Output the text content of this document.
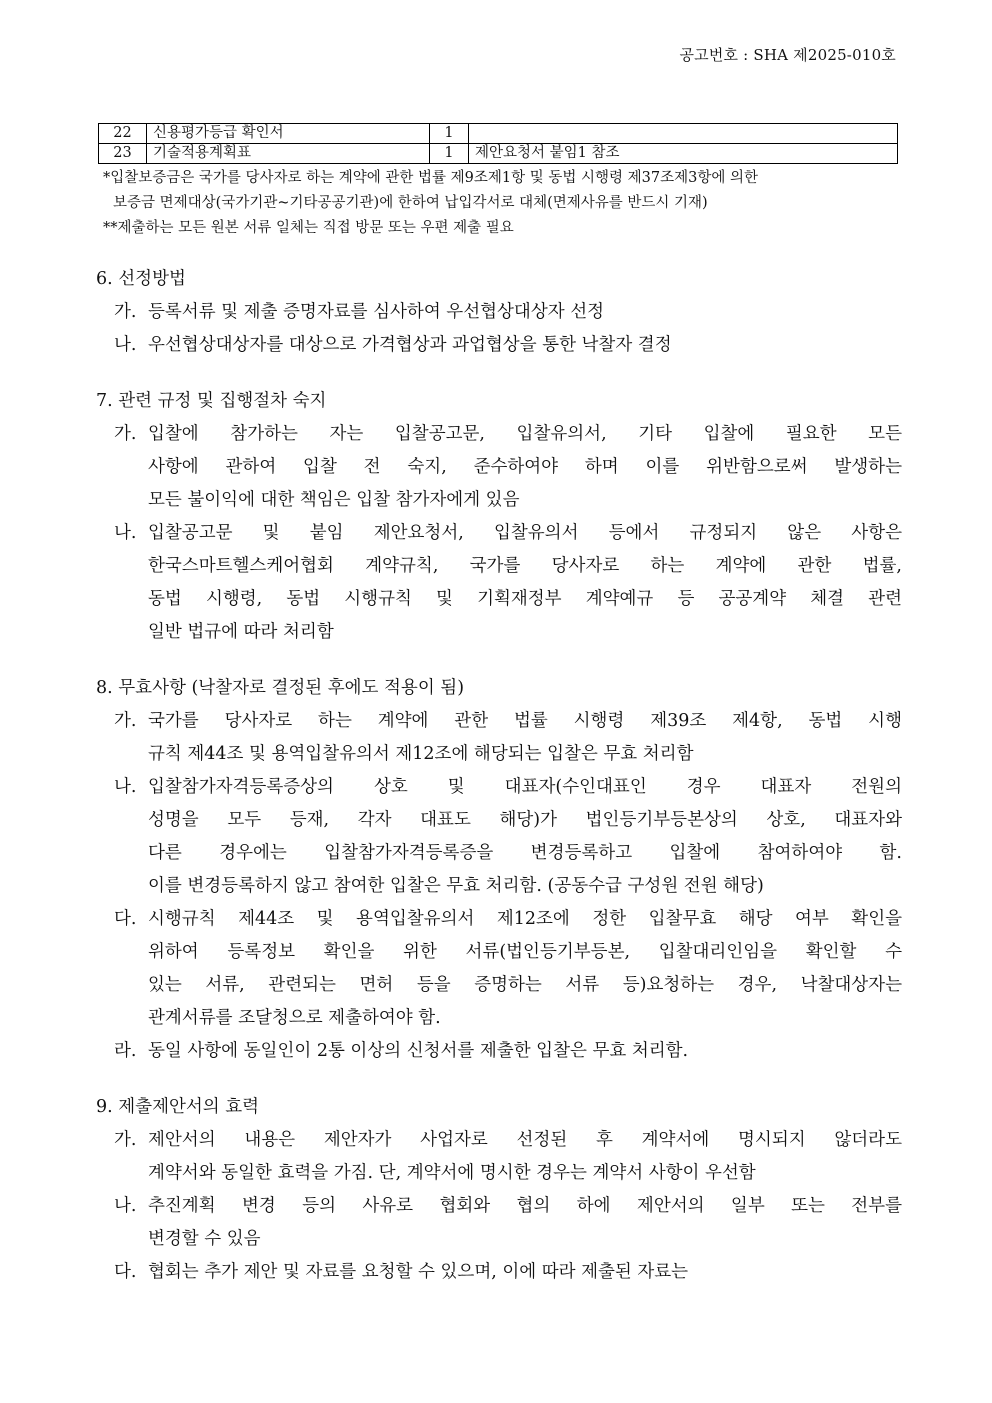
공고번호 : SHA 제2025-010호
22	신용평가등급 확인서	1	
23	기술적용계획표	1	제안요청서 붙임1 참조
*입찰보증금은 국가를 당사자로 하는 계약에 관한 법률 제9조제1항 및 동법 시행령 제37조제3항에 의한
보증금 면제대상(국가기관~기타공공기관)에 한하여 납입각서로 대체(면제사유를 반드시 기재)
**제출하는 모든 원본 서류 일체는 직접 방문 또는 우편 제출 필요
6. 선정방법
가. 등록서류 및 제출 증명자료를 심사하여 우선협상대상자 선정
나. 우선협상대상자를 대상으로 가격협상과 과업협상을 통한 낙찰자 결정
7. 관련 규정 및 집행절차 숙지
가. 입찰에 참가하는 자는 입찰공고문, 입찰유의서, 기타 입찰에 필요한 모든
사항에 관하여 입찰 전 숙지, 준수하여야 하며 이를 위반함으로써 발생하는
모든 불이익에 대한 책임은 입찰 참가자에게 있음
나. 입찰공고문 및 붙임 제안요청서, 입찰유의서 등에서 규정되지 않은 사항은
한국스마트헬스케어협회 계약규칙, 국가를 당사자로 하는 계약에 관한 법률,
동법 시행령, 동법 시행규칙 및 기획재정부 계약예규 등 공공계약 체결 관련
일반 법규에 따라 처리함
8. 무효사항 (낙찰자로 결정된 후에도 적용이 됨)
가. 국가를 당사자로 하는 계약에 관한 법률 시행령 제39조 제4항, 동법 시행
규칙 제44조 및 용역입찰유의서 제12조에 해당되는 입찰은 무효 처리함
나. 입찰참가자격등록증상의 상호 및 대표자(수인대표인 경우 대표자 전원의
성명을 모두 등재, 각자 대표도 해당)가 법인등기부등본상의 상호, 대표자와
다른 경우에는 입찰참가자격등록증을 변경등록하고 입찰에 참여하여야 함.
이를 변경등록하지 않고 참여한 입찰은 무효 처리함. (공동수급 구성원 전원 해당)
다. 시행규칙 제44조 및 용역입찰유의서 제12조에 정한 입찰무효 해당 여부 확인을
위하여 등록정보 확인을 위한 서류(법인등기부등본, 입찰대리인임을 확인할 수
있는 서류, 관련되는 면허 등을 증명하는 서류 등)요청하는 경우, 낙찰대상자는
관계서류를 조달청으로 제출하여야 함.
라. 동일 사항에 동일인이 2통 이상의 신청서를 제출한 입찰은 무효 처리함.
9. 제출제안서의 효력
가. 제안서의 내용은 제안자가 사업자로 선정된 후 계약서에 명시되지 않더라도
계약서와 동일한 효력을 가짐. 단, 계약서에 명시한 경우는 계약서 사항이 우선함
나. 추진계획 변경 등의 사유로 협회와 협의 하에 제안서의 일부 또는 전부를
변경할 수 있음
다. 협회는 추가 제안 및 자료를 요청할 수 있으며, 이에 따라 제출된 자료는
